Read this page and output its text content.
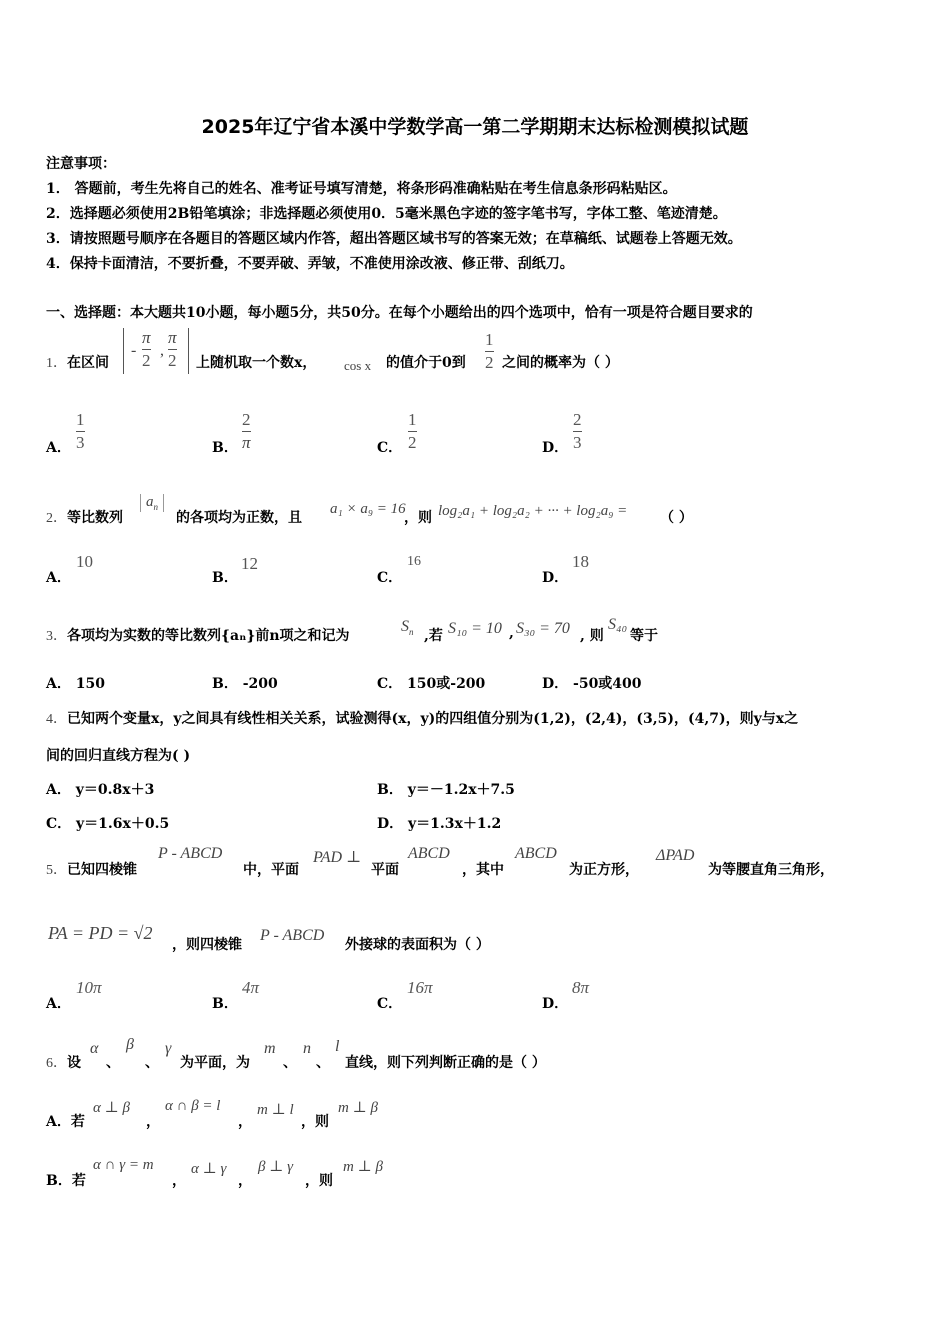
2025年辽宁省本溪中学数学高一第二学期期末达标检测模拟试题
注意事项：
1． 答题前，考生先将自己的姓名、准考证号填写清楚，将条形码准确粘贴在考生信息条形码粘贴区。
2．选择题必须使用2B铅笔填涂；非选择题必须使用0．5毫米黑色字迹的签字笔书写，字体工整、笔迹清楚。
3．请按照题号顺序在各题目的答题区域内作答，超出答题区域书写的答案无效；在草稿纸、试题卷上答题无效。
4．保持卡面清洁，不要折叠，不要弄破、弄皱，不准使用涂改液、修正带、刮纸刀。
一、选择题：本大题共10小题，每小题5分，共50分。在每个小题给出的四个选项中，恰有一项是符合题目要求的
1．在区间
-
π
2
,
π
2 上随机取一个数x， cos x 的值介于0到
1
2 之间的概率为（ ）
A．
1
3	B．
2
π	C．
1
2	D．
2
3
2．等比数列
$a_n$
的各项均为正数，且
a₁ × a₉ = 16
，则 log₂a₁ + log₂a₂ + ··· + log₂a₉ = （ ）
A．
10
B．
12
C．
16
D．
18
3．各项均为实数的等比数列{aₙ}前n项之和记为
$S_n$ ,若 S₁₀ = 10 , S₃₀ = 70 , 则
S₄₀
等于
A． 150	B． -200	C． 150或-200	D． -50或400
4．已知两个变量x，y之间具有线性相关关系，试验测得(x，y)的四组值分别为(1,2)，(2,4)，(3,5)，(4,7)，则y与x之
间的回归直线方程为( )
A． y＝0.8x＋3	B． y＝－1.2x＋7.5
C． y＝1.6x＋0.5	D． y＝1.3x＋1.2
5．已知四棱锥
P - ABCD
中，平面
PAD ⊥
平面
ABCD
，其中
ABCD
为正方形，
ΔPAD
为等腰直角三角形，
PA = PD = √2
，则四棱锥
P - ABCD
外接球的表面积为（ ）
A．
10π
B．
4π
C．
16π
D．
8π
6．设
α
、
β
、
γ
为平面，为
m
、
n
、
l
直线，则下列判断正确的是（ ）
A．若
α ⊥ β
，
α ∩ β = l
，
m ⊥ l
，则
m ⊥ β
B．若
α ∩ γ = m
，
α ⊥ γ
，
β ⊥ γ
，则
m ⊥ β
